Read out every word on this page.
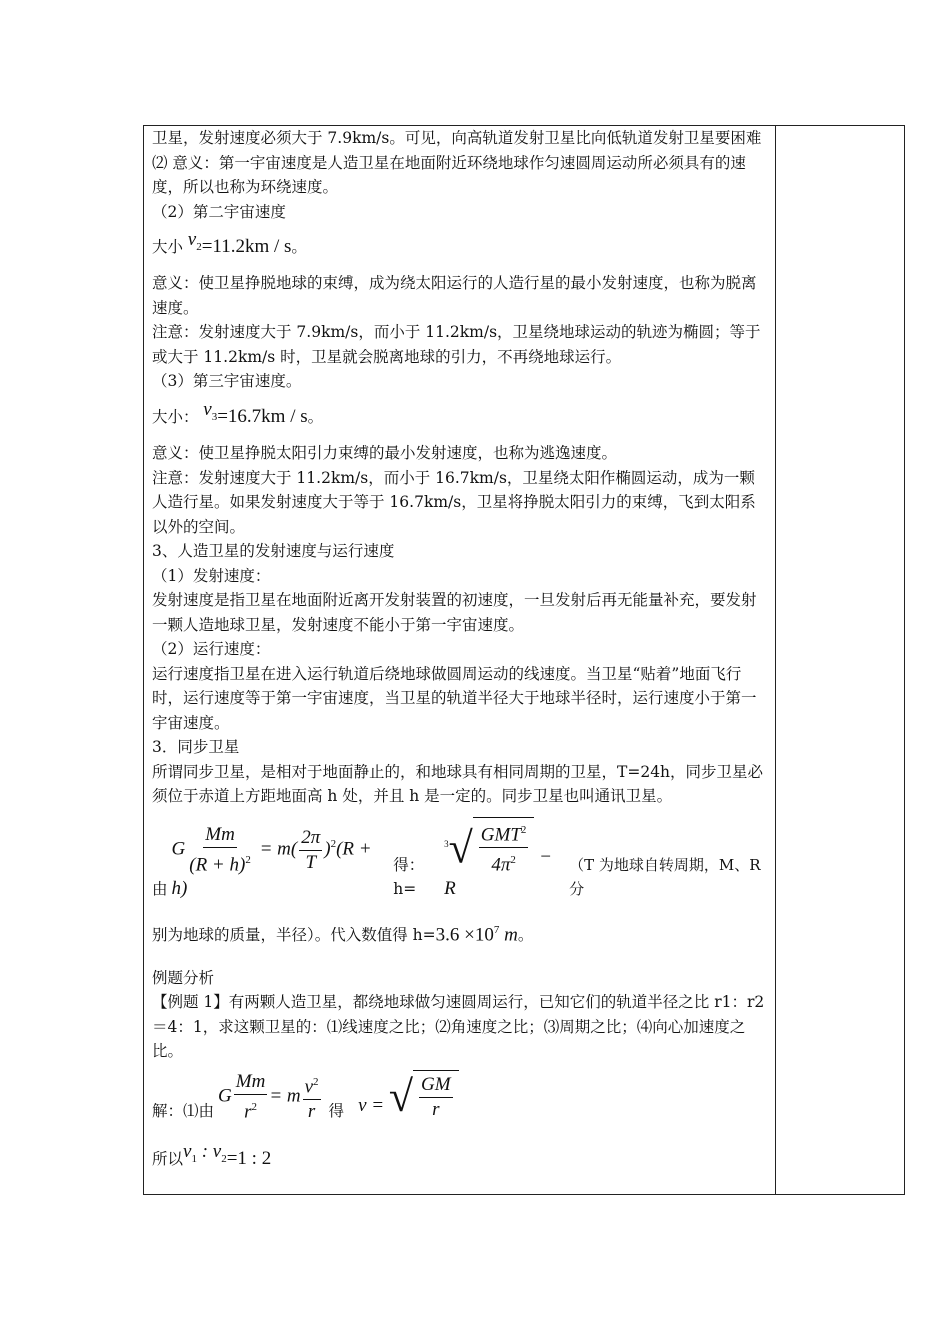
卫星，发射速度必须大于 7.9km/s。可见，向高轨道发射卫星比向低轨道发射卫星要困难

⑵ 意义：第一宇宙速度是人造卫星在地面附近环绕地球作匀速圆周运动所必须具有的速度，所以也称为环绕速度。

（2）第二宇宙速度

大小 $v_2 =11.2km / s$ 。

意义：使卫星挣脱地球的束缚，成为绕太阳运行的人造行星的最小发射速度，也称为脱离速度。

注意：发射速度大于 7.9km/s，而小于 11.2km/s，卫星绕地球运动的轨迹为椭圆；等于或大于 11.2km/s 时，卫星就会脱离地球的引力，不再绕地球运行。

（3）第三宇宙速度。

大小： $v_3 =16.7km / s$ 。

意义：使卫星挣脱太阳引力束缚的最小发射速度，也称为逃逸速度。

注意：发射速度大于 11.2km/s，而小于 16.7km/s，卫星绕太阳作椭圆运动，成为一颗人造行星。如果发射速度大于等于 16.7km/s，卫星将挣脱太阳引力的束缚，飞到太阳系以外的空间。

3、人造卫星的发射速度与运行速度

（1）发射速度：

发射速度是指卫星在地面附近离开发射装置的初速度，一旦发射后再无能量补充，要发射一颗人造地球卫星，发射速度不能小于第一宇宙速度。

（2）运行速度：

运行速度指卫星在进入运行轨道后绕地球做圆周运动的线速度。当卫星“贴着”地面飞行时，运行速度等于第一宇宙速度，当卫星的轨道半径大于地球半径时，运行速度小于第一宇宙速度。

3．同步卫星

所谓同步卫星，是相对于地面静止的，和地球具有相同周期的卫星，T=24h，同步卫星必须位于赤道上方距地面高 h 处，并且 h 是一定的。同步卫星也叫通讯卫星。

由
G $\frac{Mm}{(R + h)^2} = m( \frac{2\pi}{T} )^2(R + h)$
得：h=
$^3√ \frac{GMT^2}{4\pi^2} - R$
（T 为地球自转周期，M、R 分
别为地球的质量，半径）。代入数值得 $h= 3.6 \times 10^7$ m 。

例题分析

【例题 1】有两颗人造卫星，都绕地球做匀速圆周运行，已知它们的轨道半径之比 r1：r2＝4：1，求这颗卫星的：⑴线速度之比；⑵角速度之比；⑶周期之比；⑷向心加速度之比。

解：⑴由
G $\frac{Mm}{r^2} = m \frac{v^2}{r}$ 得 v = √ $\frac{GM}{r}$
所以 $v_1$ : $v_2 =1$ : 2
